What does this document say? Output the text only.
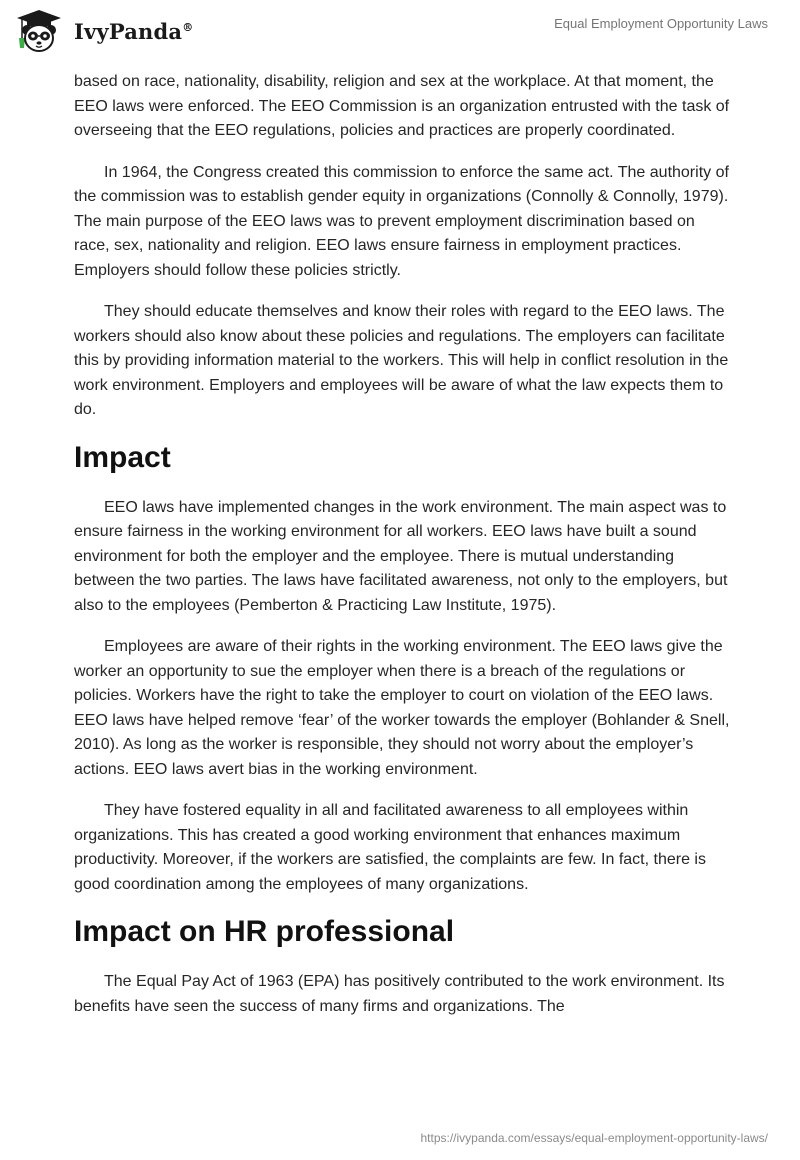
IvyPanda®	Equal Employment Opportunity Laws

based on race, nationality, disability, religion and sex at the workplace. At that moment, the EEO laws were enforced. The EEO Commission is an organization entrusted with the task of overseeing that the EEO regulations, policies and practices are properly coordinated.

In 1964, the Congress created this commission to enforce the same act. The authority of the commission was to establish gender equity in organizations (Connolly & Connolly, 1979). The main purpose of the EEO laws was to prevent employment discrimination based on race, sex, nationality and religion. EEO laws ensure fairness in employment practices. Employers should follow these policies strictly.

They should educate themselves and know their roles with regard to the EEO laws. The workers should also know about these policies and regulations. The employers can facilitate this by providing information material to the workers. This will help in conflict resolution in the work environment. Employers and employees will be aware of what the law expects them to do.

Impact

EEO laws have implemented changes in the work environment. The main aspect was to ensure fairness in the working environment for all workers. EEO laws have built a sound environment for both the employer and the employee. There is mutual understanding between the two parties. The laws have facilitated awareness, not only to the employers, but also to the employees (Pemberton & Practicing Law Institute, 1975).

Employees are aware of their rights in the working environment. The EEO laws give the worker an opportunity to sue the employer when there is a breach of the regulations or policies. Workers have the right to take the employer to court on violation of the EEO laws. EEO laws have helped remove ‘fear’ of the worker towards the employer (Bohlander & Snell, 2010). As long as the worker is responsible, they should not worry about the employer’s actions. EEO laws avert bias in the working environment.

They have fostered equality in all and facilitated awareness to all employees within organizations. This has created a good working environment that enhances maximum productivity. Moreover, if the workers are satisfied, the complaints are few. In fact, there is good coordination among the employees of many organizations.

Impact on HR professional

The Equal Pay Act of 1963 (EPA) has positively contributed to the work environment. Its benefits have seen the success of many firms and organizations. The

https://ivypanda.com/essays/equal-employment-opportunity-laws/
